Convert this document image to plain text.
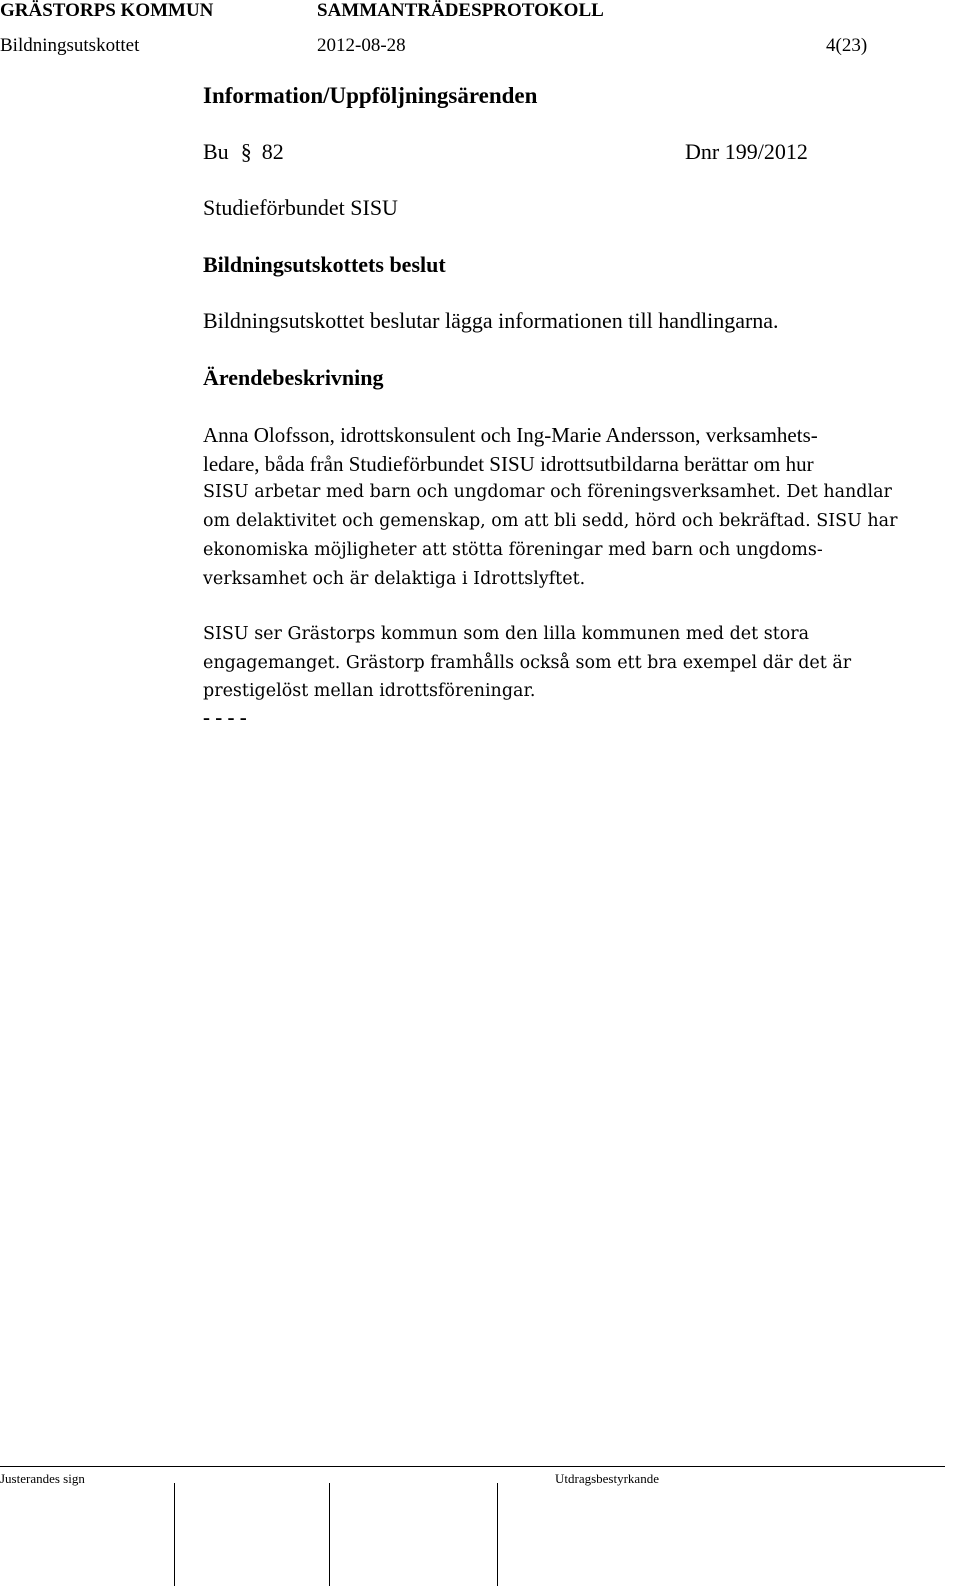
GRÄSTORPS KOMMUN	SAMMANTRÄDESPROTOKOLL
Bildningsutskottet	2012-08-28	4(23)
Information/Uppföljningsärenden
Bu § 82	Dnr 199/2012
Studieförbundet SISU
Bildningsutskottets beslut
Bildningsutskottet beslutar lägga informationen till handlingarna.
Ärendebeskrivning
Anna Olofsson, idrottskonsulent och Ing-Marie Andersson, verksamhets-
ledare, båda från Studieförbundet SISU idrottsutbildarna berättar om hur
SISU arbetar med barn och ungdomar och föreningsverksamhet. Det handlar
om delaktivitet och gemenskap, om att bli sedd, hörd och bekräftad. SISU har
ekonomiska möjligheter att stötta föreningar med barn och ungdoms-
verksamhet och är delaktiga i Idrottslyftet.
SISU ser Grästorps kommun som den lilla kommunen med det stora
engagemanget. Grästorp framhålls också som ett bra exempel där det är
prestigelöst mellan idrottsföreningar.
- - - -
Justerandes sign	Utdragsbestyrkande
